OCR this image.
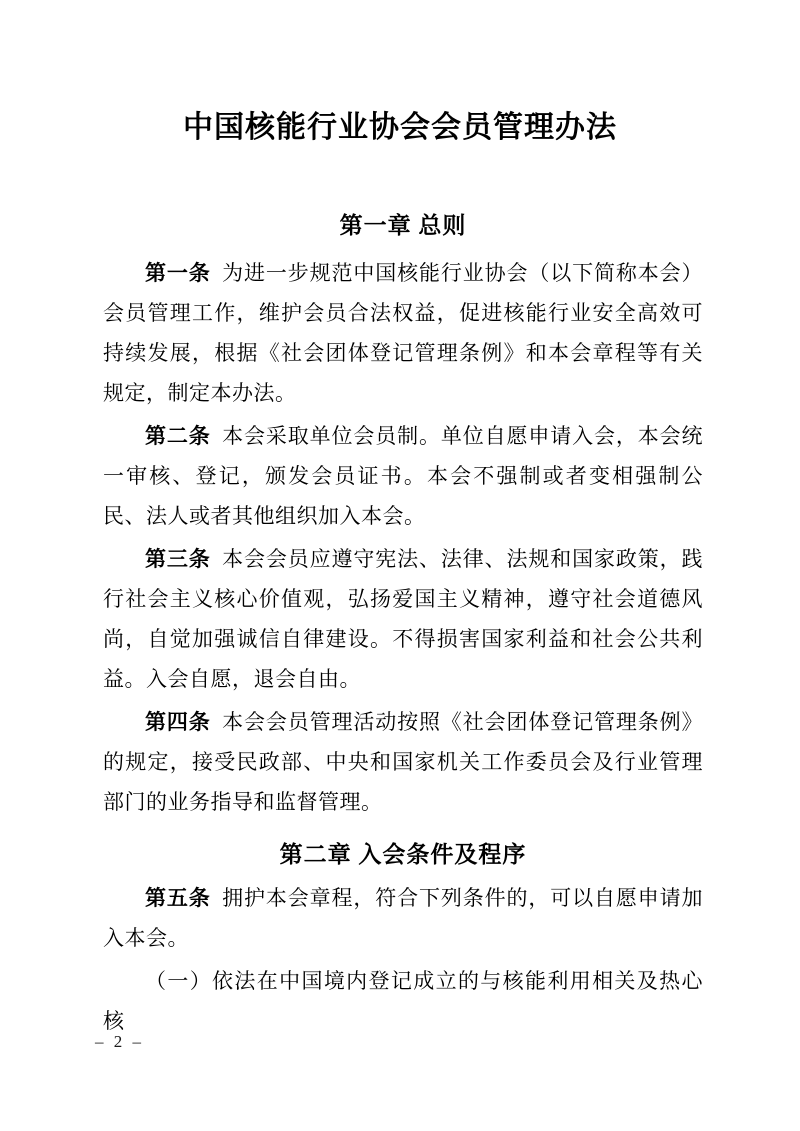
中国核能行业协会会员管理办法
第一章 总则

第一条 为进一步规范中国核能行业协会（以下简称本会）会员管理工作，维护会员合法权益，促进核能行业安全高效可持续发展，根据《社会团体登记管理条例》和本会章程等有关规定，制定本办法。

第二条 本会采取单位会员制。单位自愿申请入会，本会统一审核、登记，颁发会员证书。本会不强制或者变相强制公民、法人或者其他组织加入本会。

第三条 本会会员应遵守宪法、法律、法规和国家政策，践行社会主义核心价值观，弘扬爱国主义精神，遵守社会道德风尚，自觉加强诚信自律建设。不得损害国家利益和社会公共利益。入会自愿，退会自由。

第四条 本会会员管理活动按照《社会团体登记管理条例》的规定，接受民政部、中央和国家机关工作委员会及行业管理部门的业务指导和监督管理。

第二章 入会条件及程序

第五条 拥护本会章程，符合下列条件的，可以自愿申请加入本会。

（一）依法在中国境内登记成立的与核能利用相关及热心核

– 2 –
